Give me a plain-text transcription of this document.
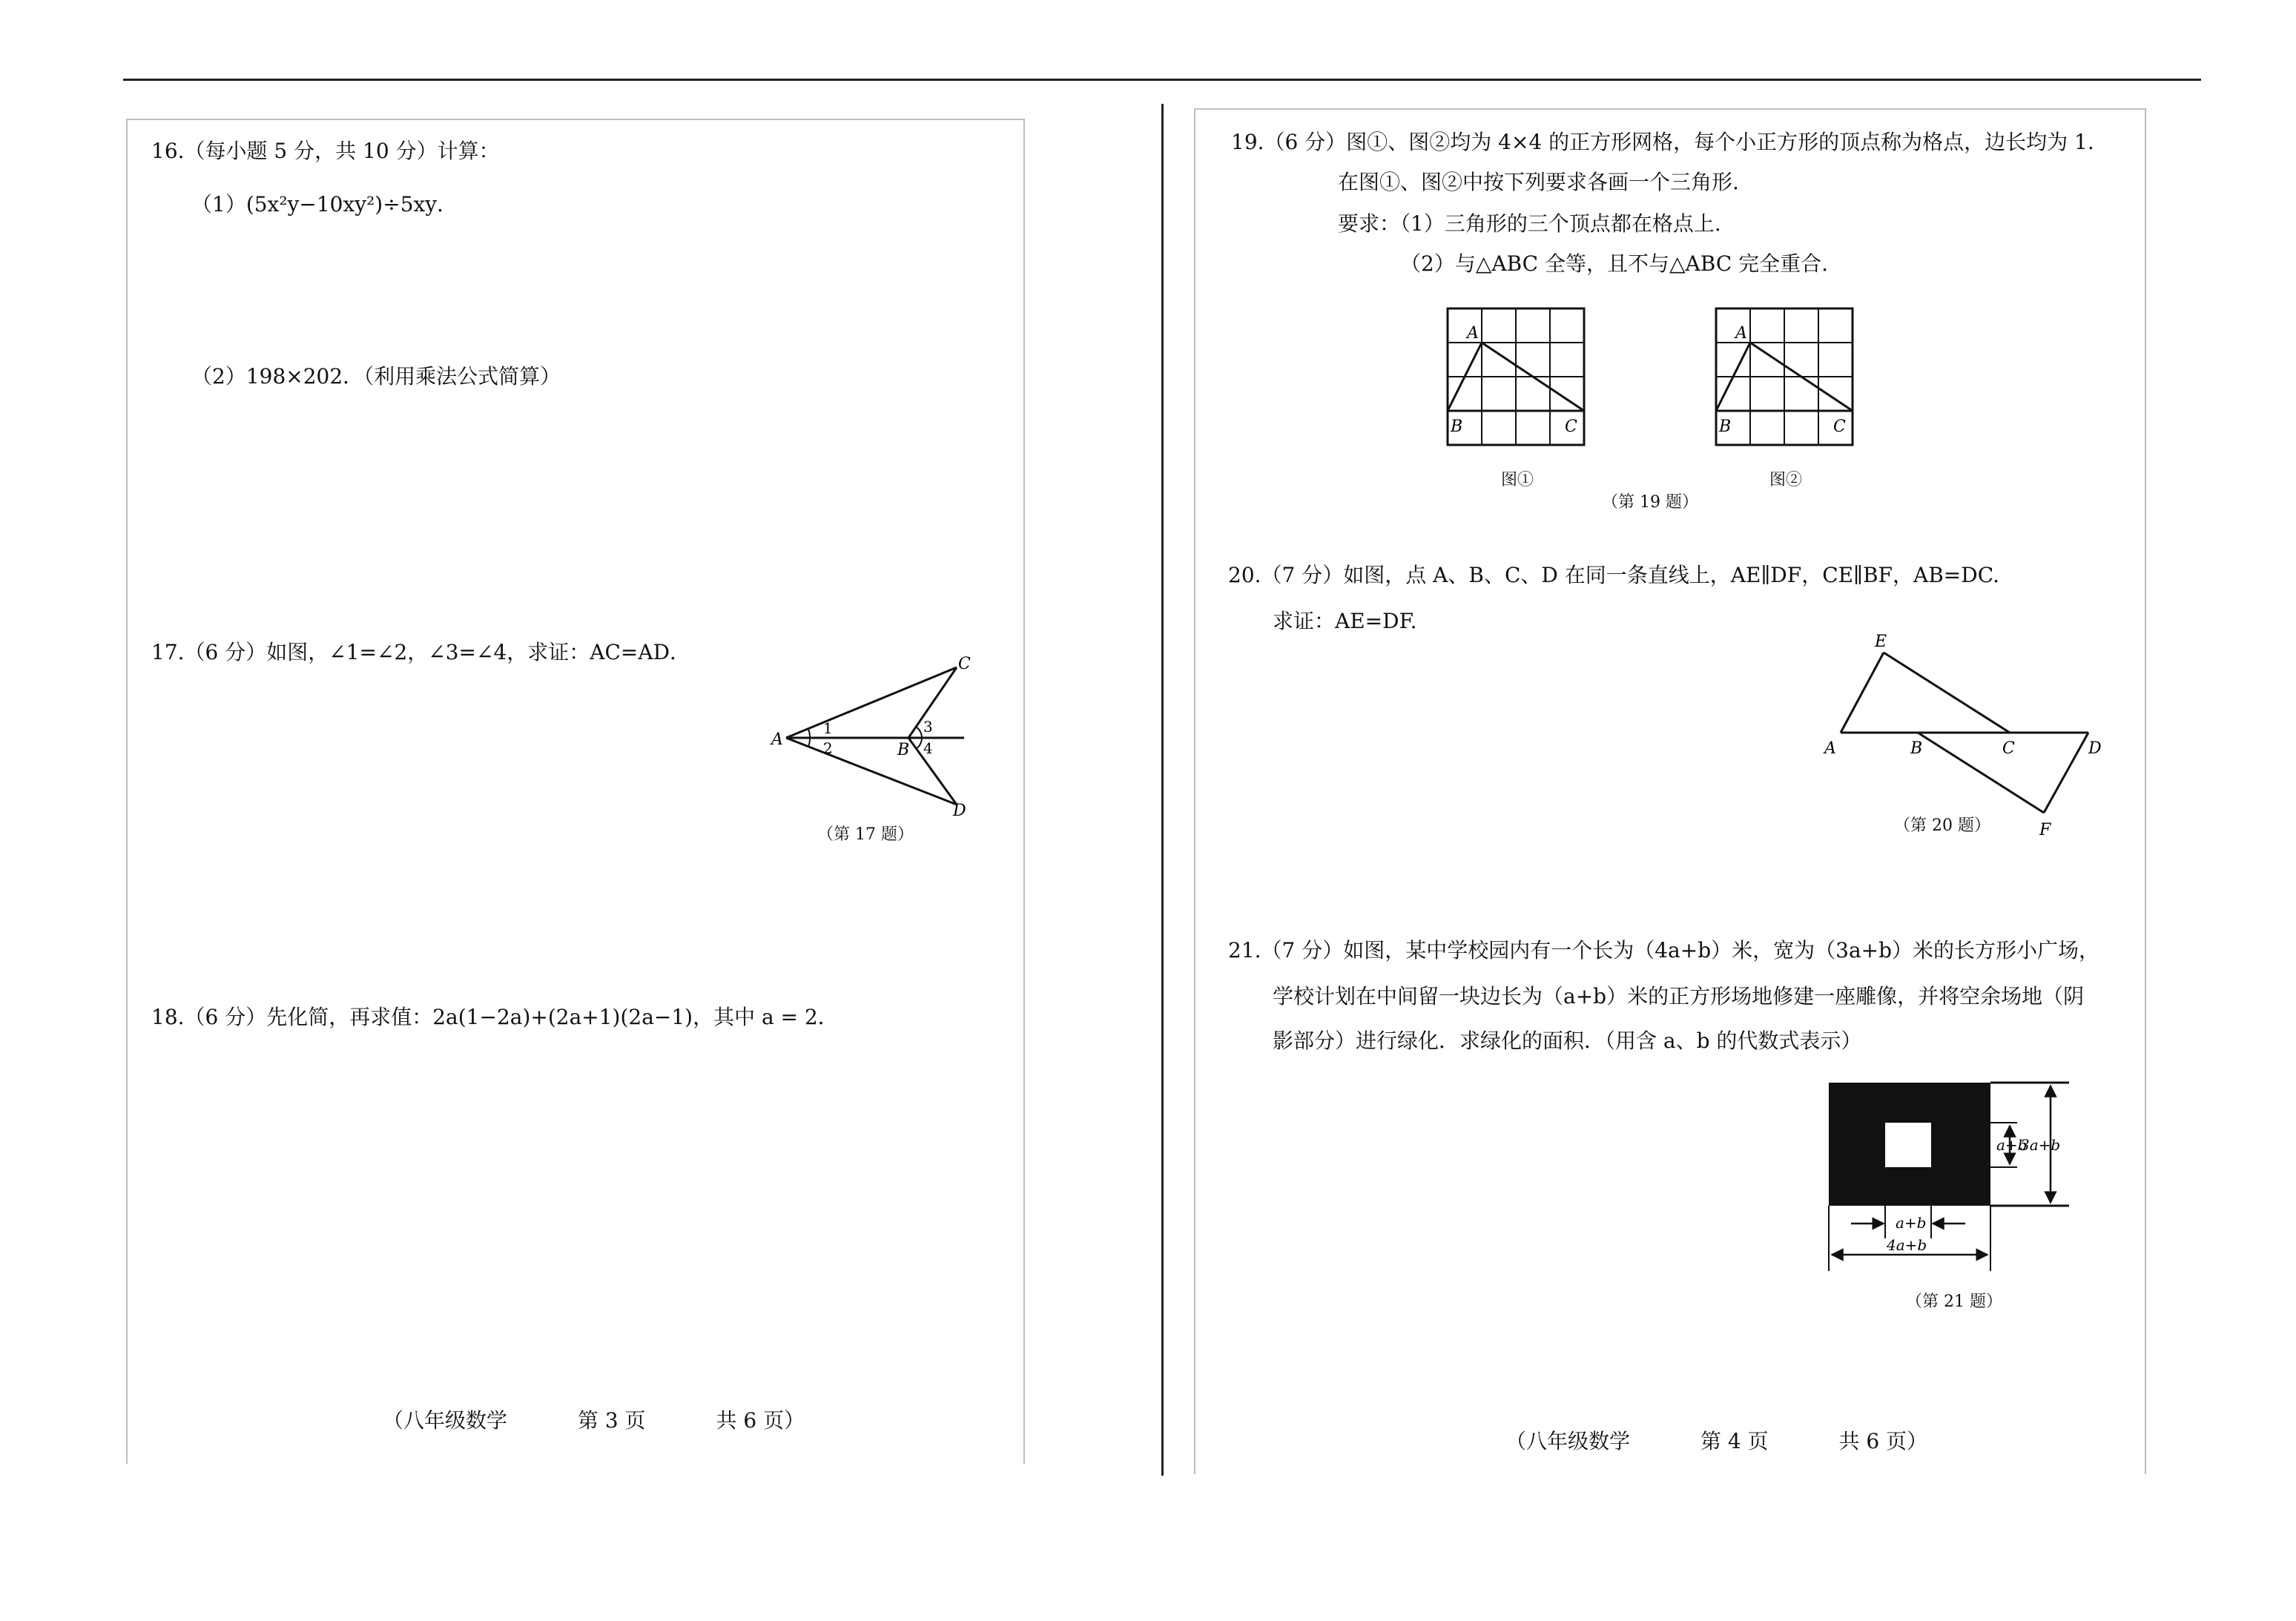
16.（每小题 5 分，共 10 分）计算：
（1）(5x²y−10xy²)÷5xy．
（2）198×202．（利用乘法公式简算）
17.（6 分）如图，∠1=∠2，∠3=∠4，求证：AC=AD．
A
C
D
B
1
2
3
4
（第 17 题）
18.（6 分）先化简，再求值：2a(1−2a)+(2a+1)(2a−1)，其中 a = 2．
（八年级数学	第 3 页	共 6 页）
19.（6 分）图①、图②均为 4×4 的正方形网格，每个小正方形的顶点称为格点，边长均为 1.
在图①、图②中按下列要求各画一个三角形.
要求：（1）三角形的三个顶点都在格点上.
（2）与△ABC 全等，且不与△ABC 完全重合.
A
B	C
图①
A
B	C
图②
（第 19 题）
20.（7 分）如图，点 A、B、C、D 在同一条直线上，AE∥DF，CE∥BF，AB=DC.
求证：AE=DF.
E
A	B	C	D
F
（第 20 题）
21.（7 分）如图，某中学校园内有一个长为（4a+b）米，宽为（3a+b）米的长方形小广场，
学校计划在中间留一块边长为（a+b）米的正方形场地修建一座雕像，并将空余场地（阴
影部分）进行绿化．求绿化的面积．（用含 a、b 的代数式表示）
a+b
3a+b
a+b
4a+b
（第 21 题）
（八年级数学	第 4 页	共 6 页）
